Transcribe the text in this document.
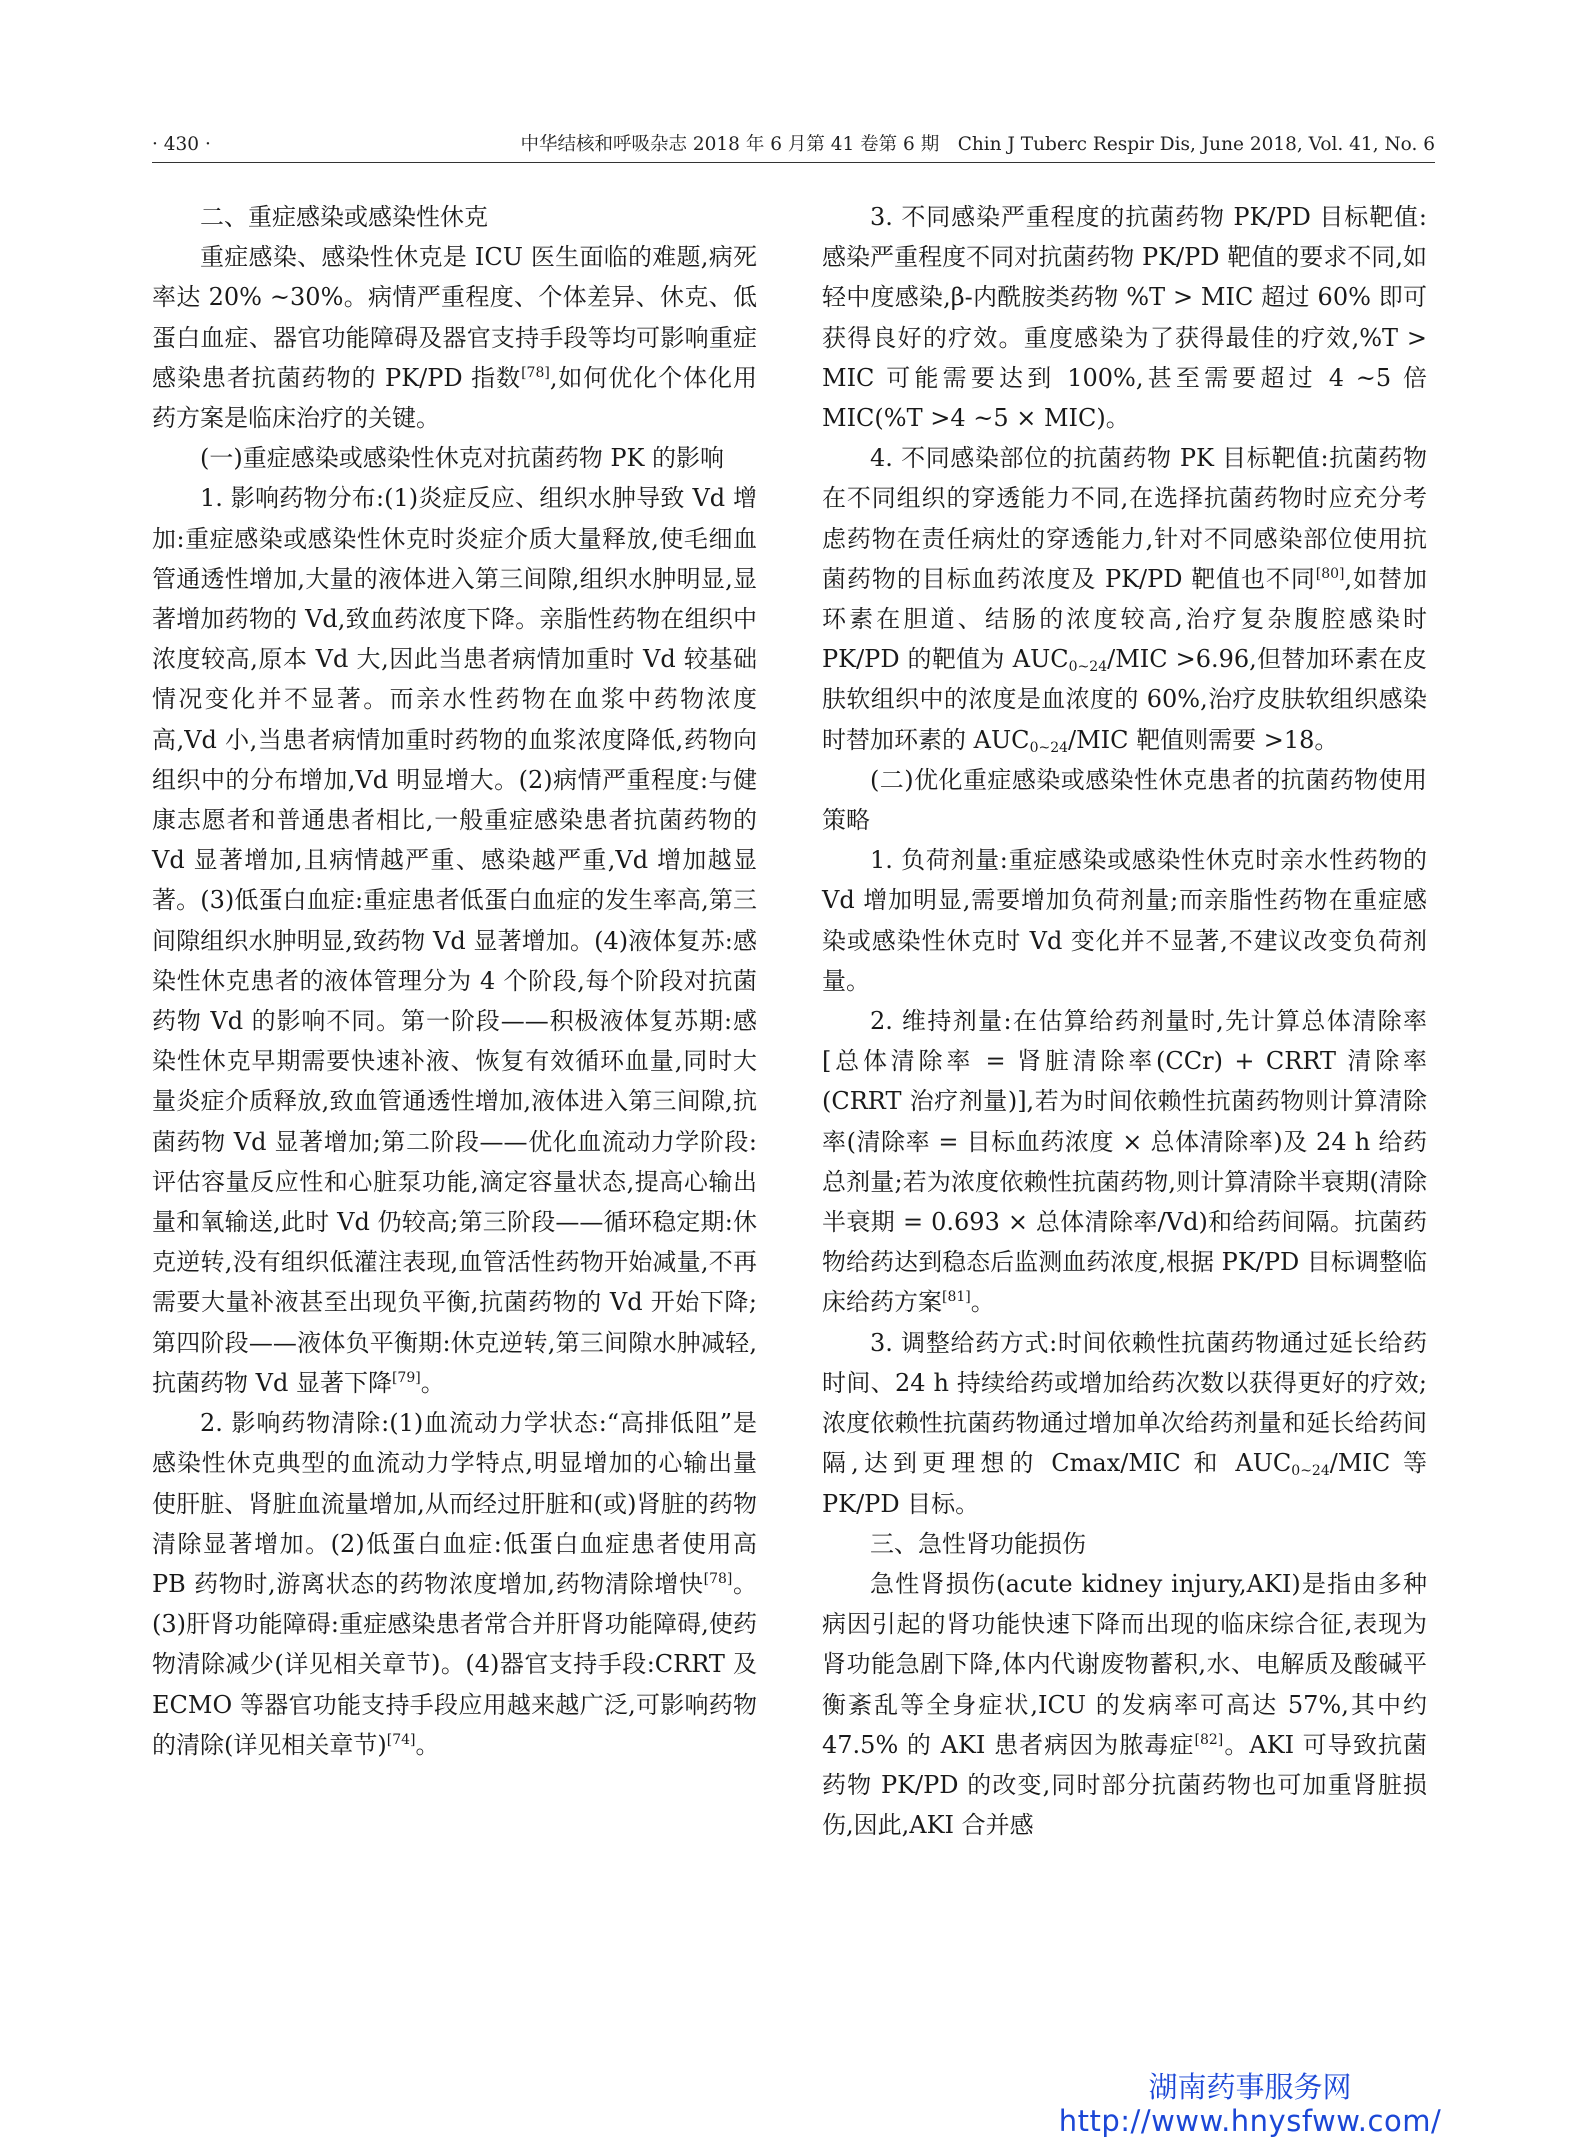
· 430 ·	中华结核和呼吸杂志 2018 年 6 月第 41 卷第 6 期　Chin J Tuberc Respir Dis, June 2018, Vol. 41, No. 6

二、重症感染或感染性休克

重症感染、感染性休克是 ICU 医生面临的难题,病死率达 20% ~30%。病情严重程度、个体差异、休克、低蛋白血症、器官功能障碍及器官支持手段等均可影响重症感染患者抗菌药物的 PK/PD 指数[78],如何优化个体化用药方案是临床治疗的关键。

(一)重症感染或感染性休克对抗菌药物 PK 的影响

1. 影响药物分布:(1)炎症反应、组织水肿导致 Vd 增加:重症感染或感染性休克时炎症介质大量释放,使毛细血管通透性增加,大量的液体进入第三间隙,组织水肿明显,显著增加药物的 Vd,致血药浓度下降。亲脂性药物在组织中浓度较高,原本 Vd 大,因此当患者病情加重时 Vd 较基础情况变化并不显著。而亲水性药物在血浆中药物浓度高,Vd 小,当患者病情加重时药物的血浆浓度降低,药物向组织中的分布增加,Vd 明显增大。(2)病情严重程度:与健康志愿者和普通患者相比,一般重症感染患者抗菌药物的 Vd 显著增加,且病情越严重、感染越严重,Vd 增加越显著。(3)低蛋白血症:重症患者低蛋白血症的发生率高,第三间隙组织水肿明显,致药物 Vd 显著增加。(4)液体复苏:感染性休克患者的液体管理分为 4 个阶段,每个阶段对抗菌药物 Vd 的影响不同。第一阶段——积极液体复苏期:感染性休克早期需要快速补液、恢复有效循环血量,同时大量炎症介质释放,致血管通透性增加,液体进入第三间隙,抗菌药物 Vd 显著增加;第二阶段——优化血流动力学阶段:评估容量反应性和心脏泵功能,滴定容量状态,提高心输出量和氧输送,此时 Vd 仍较高;第三阶段——循环稳定期:休克逆转,没有组织低灌注表现,血管活性药物开始减量,不再需要大量补液甚至出现负平衡,抗菌药物的 Vd 开始下降;第四阶段——液体负平衡期:休克逆转,第三间隙水肿减轻,抗菌药物 Vd 显著下降[79]。

2. 影响药物清除:(1)血流动力学状态:“高排低阻”是感染性休克典型的血流动力学特点,明显增加的心输出量使肝脏、肾脏血流量增加,从而经过肝脏和(或)肾脏的药物清除显著增加。(2)低蛋白血症:低蛋白血症患者使用高 PB 药物时,游离状态的药物浓度增加,药物清除增快[78]。(3)肝肾功能障碍:重症感染患者常合并肝肾功能障碍,使药物清除减少(详见相关章节)。(4)器官支持手段:CRRT 及 ECMO 等器官功能支持手段应用越来越广泛,可影响药物的清除(详见相关章节)[74]。

3. 不同感染严重程度的抗菌药物 PK/PD 目标靶值:感染严重程度不同对抗菌药物 PK/PD 靶值的要求不同,如轻中度感染,β-内酰胺类药物 %T > MIC 超过 60% 即可获得良好的疗效。重度感染为了获得最佳的疗效,%T > MIC 可能需要达到 100%,甚至需要超过 4 ~5 倍 MIC(%T >4 ~5 × MIC)。

4. 不同感染部位的抗菌药物 PK 目标靶值:抗菌药物在不同组织的穿透能力不同,在选择抗菌药物时应充分考虑药物在责任病灶的穿透能力,针对不同感染部位使用抗菌药物的目标血药浓度及 PK/PD 靶值也不同[80],如替加环素在胆道、结肠的浓度较高,治疗复杂腹腔感染时 PK/PD 的靶值为 $AUC_{0\sim 24}$/MIC >6.96,但替加环素在皮肤软组织中的浓度是血浓度的 60%,治疗皮肤软组织感染时替加环素的 $AUC_{0\sim 24}$/MIC 靶值则需要 >18。

(二)优化重症感染或感染性休克患者的抗菌药物使用策略

1. 负荷剂量:重症感染或感染性休克时亲水性药物的 Vd 增加明显,需要增加负荷剂量;而亲脂性药物在重症感染或感染性休克时 Vd 变化并不显著,不建议改变负荷剂量。

2. 维持剂量:在估算给药剂量时,先计算总体清除率[总体清除率 = 肾脏清除率(CCr) + CRRT 清除率(CRRT 治疗剂量)],若为时间依赖性抗菌药物则计算清除率(清除率 = 目标血药浓度 × 总体清除率)及 24 h 给药总剂量;若为浓度依赖性抗菌药物,则计算清除半衰期(清除半衰期 = 0.693 × 总体清除率/Vd)和给药间隔。抗菌药物给药达到稳态后监测血药浓度,根据 PK/PD 目标调整临床给药方案[81]。

3. 调整给药方式:时间依赖性抗菌药物通过延长给药时间、24 h 持续给药或增加给药次数以获得更好的疗效;浓度依赖性抗菌药物通过增加单次给药剂量和延长给药间隔,达到更理想的 Cmax/MIC 和 $AUC_{0\sim 24}$/MIC 等 PK/PD 目标。

三、急性肾功能损伤

急性肾损伤(acute kidney injury,AKI)是指由多种病因引起的肾功能快速下降而出现的临床综合征,表现为肾功能急剧下降,体内代谢废物蓄积,水、电解质及酸碱平衡紊乱等全身症状,ICU 的发病率可高达 57%,其中约 47.5% 的 AKI 患者病因为脓毒症[82]。AKI 可导致抗菌药物 PK/PD 的改变,同时部分抗菌药物也可加重肾脏损伤,因此,AKI 合并感

湖南药事服务网
http://www.hnysfww.com/
